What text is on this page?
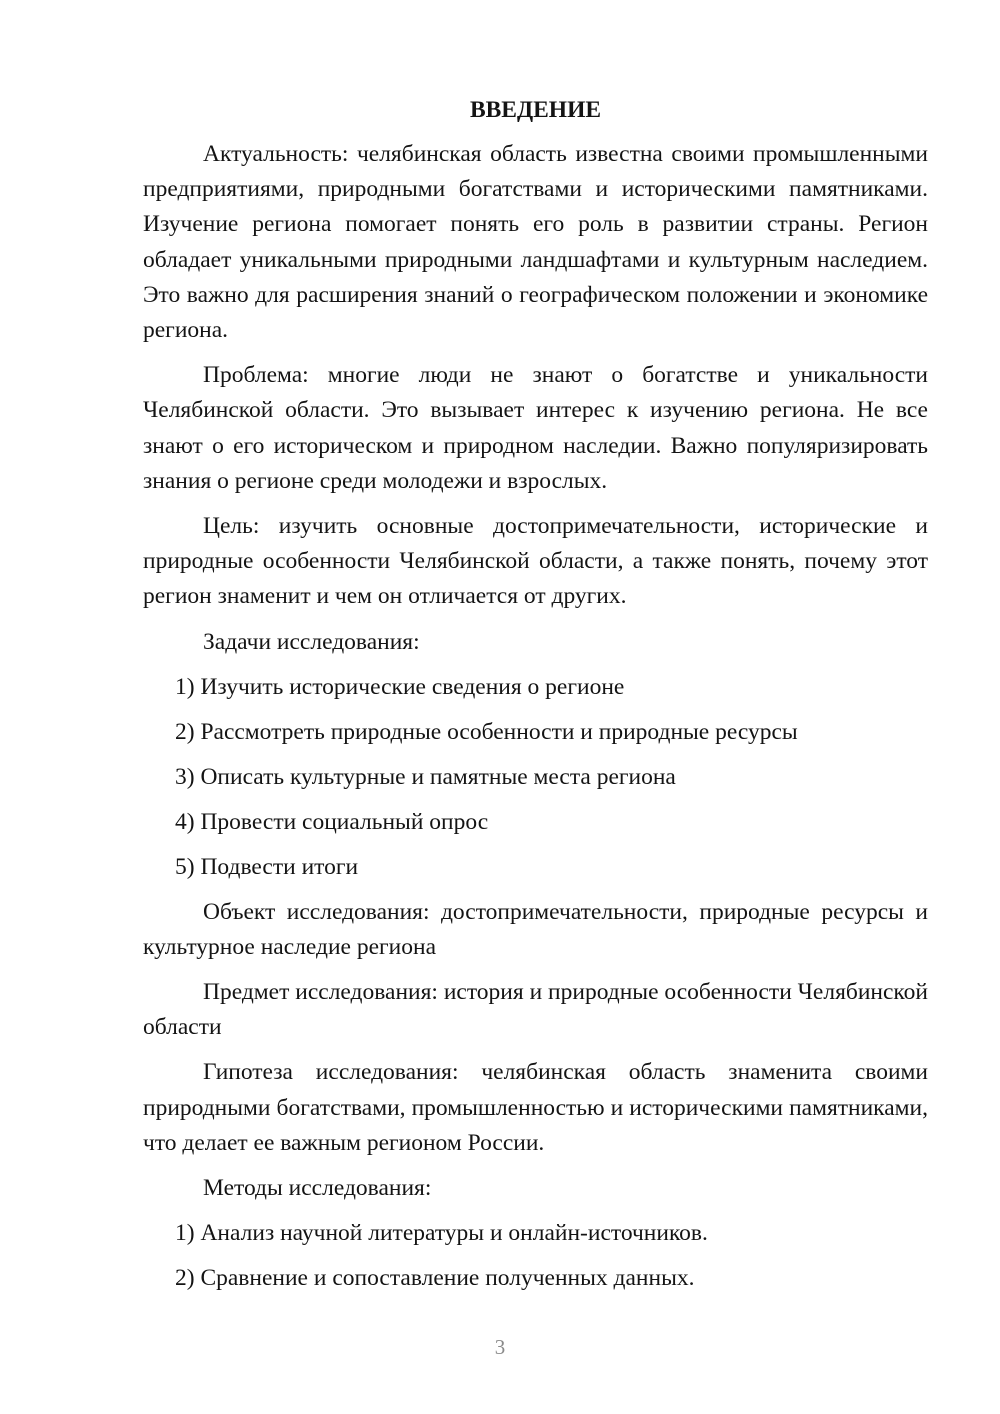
ВВЕДЕНИЕ

Актуальность: челябинская область известна своими промышленными предприятиями, природными богатствами и историческими памятниками. Изучение региона помогает понять его роль в развитии страны. Регион обладает уникальными природными ландшафтами и культурным наследием. Это важно для расширения знаний о географическом положении и экономике региона.

Проблема: многие люди не знают о богатстве и уникальности Челябинской области. Это вызывает интерес к изучению региона. Не все знают о его историческом и природном наследии. Важно популяризировать знания о регионе среди молодежи и взрослых.

Цель: изучить основные достопримечательности, исторические и природные особенности Челябинской области, а также понять, почему этот регион знаменит и чем он отличается от других.

Задачи исследования:

1) Изучить исторические сведения о регионе

2) Рассмотреть природные особенности и природные ресурсы

3) Описать культурные и памятные места региона

4) Провести социальный опрос

5) Подвести итоги

Объект исследования: достопримечательности, природные ресурсы и культурное наследие региона

Предмет исследования: история и природные особенности Челябинской области

Гипотеза исследования: челябинская область знаменита своими природными богатствами, промышленностью и историческими памятниками, что делает ее важным регионом России.

Методы исследования:

1) Анализ научной литературы и онлайн-источников.

2) Сравнение и сопоставление полученных данных.

3
